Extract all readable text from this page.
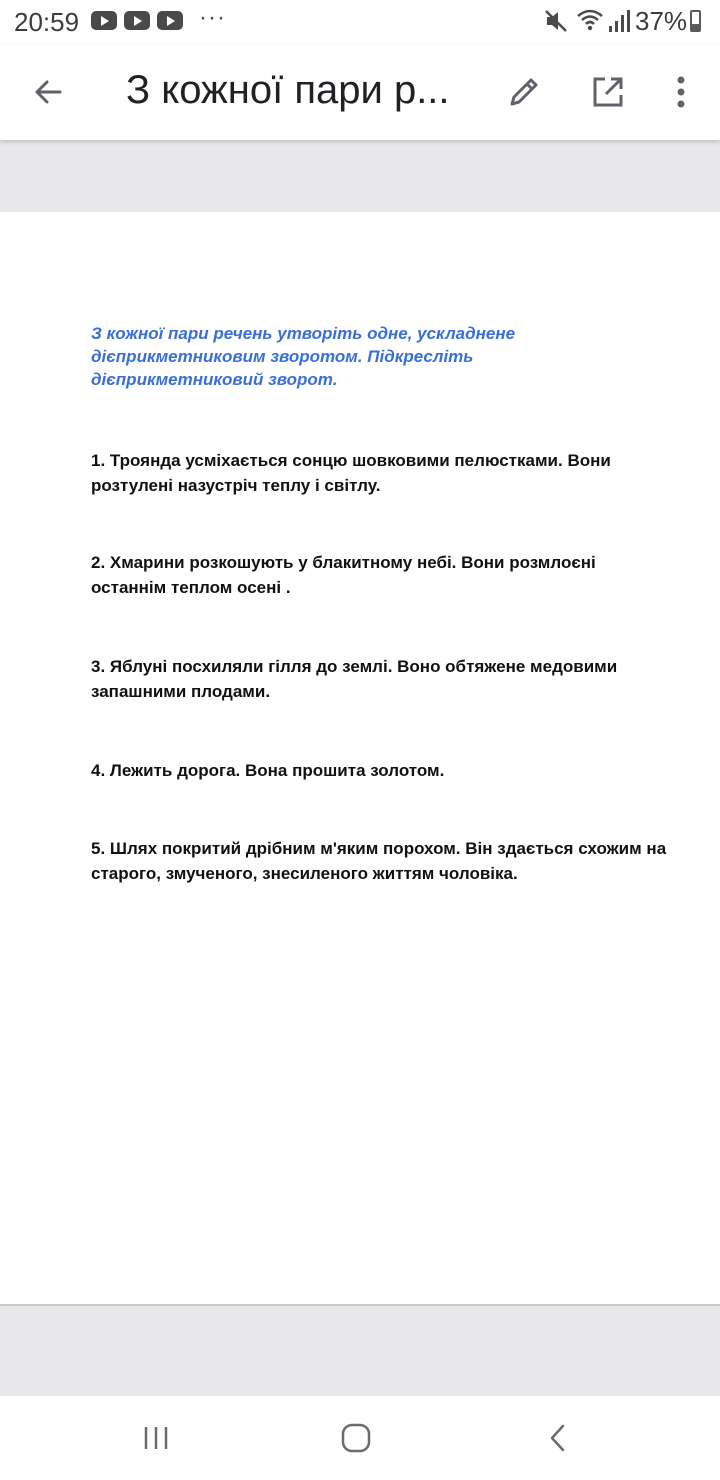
20:59	···	37%
З кожної пари р...
З кожної пари речень утворіть одне, ускладнене дієприкметниковим зворотом. Підкресліть дієприкметниковий зворот.
1. Троянда усміхається сонцю шовковими пелюстками. Вони розтулені назустріч теплу і світлу.
2. Хмарини розкошують у блакитному небі. Вони розмлоєні останнім теплом осені .
3. Яблуні посхиляли гілля до землі. Воно обтяжене медовими запашними плодами.
4. Лежить дорога. Вона прошита золотом.
5. Шлях покритий дрібним м'яким порохом. Він здається схожим на старого, змученого, знесиленого життям чоловіка.
